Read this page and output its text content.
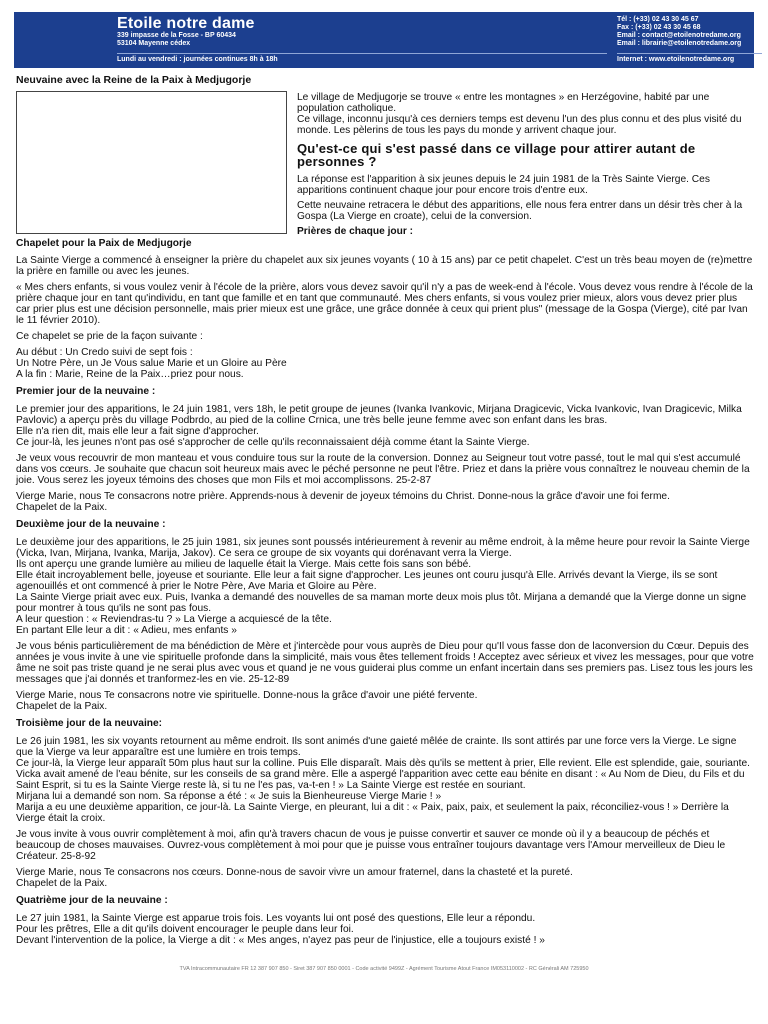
Etoile notre dame
339 impasse de la Fosse - BP 60434
53104 Mayenne cédex
Lundi au vendredi : journées continues 8h à 18h
Tél : (+33) 02 43 30 45 67
Fax : (+33) 02 43 30 45 68
Email : contact@etoilenotredame.org
Email : librairie@etoilenotredame.org
Internet : www.etoilenotredame.org
Neuvaine avec la Reine de la Paix à Medjugorje

Le village de Medjugorje se trouve « entre les montagnes » en Herzégovine, habité par une population catholique.

Ce village, inconnu jusqu'à ces derniers temps est devenu l'un des plus connu et des plus visité du monde. Les pèlerins de tous les pays du monde y arrivent chaque jour.

Qu'est-ce qui s'est passé dans ce village pour attirer autant de personnes ?

La réponse est l'apparition à six jeunes depuis le 24 juin 1981 de la Très Sainte Vierge. Ces apparitions continuent chaque jour pour encore trois d'entre eux.

Cette neuvaine retracera le début des apparitions, elle nous fera entrer dans un désir très cher à la Gospa (La Vierge en croate), celui de la conversion.

Prières de chaque jour :

Chapelet pour la Paix de Medjugorje

La Sainte Vierge a commencé à enseigner la prière du chapelet aux six jeunes voyants ( 10 à 15 ans) par ce petit chapelet. C'est un très beau moyen de (re)mettre la prière en famille ou avec les jeunes.

« Mes chers enfants, si vous voulez venir à l'école de la prière, alors vous devez savoir qu'il n'y a pas de week-end à l'école. Vous devez vous rendre à l'école de la prière chaque jour en tant qu'individu, en tant que famille et en tant que communauté. Mes chers enfants, si vous voulez prier mieux, alors vous devez prier plus car prier plus est une décision personnelle, mais prier mieux est une grâce, une grâce donnée à ceux qui prient plus" (message de la Gospa (Vierge), cité par Ivan le 11 février 2010).

Ce chapelet se prie de la façon suivante :

Au début : Un Credo suivi de sept fois :

Un Notre Père, un Je Vous salue Marie et un Gloire au Père

A la fin : Marie, Reine de la Paix…priez pour nous.

Premier jour de la neuvaine :

Le premier jour des apparitions, le 24 juin 1981, vers 18h, le petit groupe de jeunes (Ivanka Ivankovic, Mirjana Dragicevic, Vicka Ivankovic, Ivan Dragicevic, Milka Pavlovic) a aperçu près du village Podbrdo, au pied de la colline Crnica, une très belle jeune femme avec son enfant dans les bras.

Elle n'a rien dit, mais elle leur a fait signe d'approcher.

Ce jour-là, les jeunes n'ont pas osé s'approcher de celle qu'ils reconnaissaient déjà comme étant la Sainte Vierge.

Je veux vous recouvrir de mon manteau et vous conduire tous sur la route de la conversion. Donnez au Seigneur tout votre passé, tout le mal qui s'est accumulé dans vos cœurs. Je souhaite que chacun soit heureux mais avec le péché personne ne peut l'être. Priez et dans la prière vous connaîtrez le nouveau chemin de la joie. Vous serez les joyeux témoins des choses que mon Fils et moi accomplissons. 25-2-87

Vierge Marie, nous Te consacrons notre prière. Apprends-nous à devenir de joyeux témoins du Christ. Donne-nous la grâce d'avoir une foi ferme.

Chapelet de la Paix.

Deuxième jour de la neuvaine :

Le deuxième jour des apparitions, le 25 juin 1981, six jeunes sont poussés intérieurement à revenir au même endroit, à la même heure pour revoir la Sainte Vierge (Vicka, Ivan, Mirjana, Ivanka, Marija, Jakov). Ce sera ce groupe de six voyants qui dorénavant verra la Vierge.

Ils ont aperçu une grande lumière au milieu de laquelle était la Vierge. Mais cette fois sans son bébé.

Elle était incroyablement belle, joyeuse et souriante. Elle leur a fait signe d'approcher. Les jeunes ont couru jusqu'à Elle. Arrivés devant la Vierge, ils se sont agenouillés et ont commencé à prier le Notre Père, Ave Maria et Gloire au Père.

La Sainte Vierge priait avec eux. Puis, Ivanka a demandé des nouvelles de sa maman morte deux mois plus tôt. Mirjana a demandé que la Vierge donne un signe pour montrer à tous qu'ils ne sont pas fous.

A leur question : « Reviendras-tu ? » La Vierge a acquiescé de la tête.

En partant Elle leur a dit : « Adieu, mes enfants »

Je vous bénis particulièrement de ma bénédiction de Mère et j'intercède pour vous auprès de Dieu pour qu'Il vous fasse don de laconversion du Cœur. Depuis des années je vous invite à une vie spirituelle profonde dans la simplicité, mais vous êtes tellement froids ! Acceptez avec sérieux et vivez les messages, pour que votre âme ne soit pas triste quand je ne serai plus avec vous et quand je ne vous guiderai plus comme un enfant incertain dans ses premiers pas. Lisez tous les jours les messages que j'ai donnés et tranformez-les en vie. 25-12-89

Vierge Marie, nous Te consacrons notre vie spirituelle. Donne-nous la grâce d'avoir une piété fervente.

Chapelet de la Paix.

Troisième jour de la neuvaine:

Le 26 juin 1981, les six voyants retournent au même endroit. Ils sont animés d'une gaieté mêlée de crainte. Ils sont attirés par une force vers la Vierge. Le signe que la Vierge va leur apparaître est une lumière en trois temps.

Ce jour-là, la Vierge leur apparaît 50m plus haut sur la colline. Puis Elle disparaît. Mais dès qu'ils se mettent à prier, Elle revient. Elle est splendide, gaie, souriante.

Vicka avait amené de l'eau bénite, sur les conseils de sa grand mère. Elle a aspergé l'apparition avec cette eau bénite en disant : « Au Nom de Dieu, du Fils et du Saint Esprit, si tu es la Sainte Vierge reste là, si tu ne l'es pas, va-t-en ! » La Sainte Vierge est restée en souriant.

Mirjana lui a demandé son nom. Sa réponse a été : « Je suis la Bienheureuse Vierge Marie ! »

Marija a eu une deuxième apparition, ce jour-là. La Sainte Vierge, en pleurant, lui a dit : « Paix, paix, paix, et seulement la paix, réconciliez-vous ! » Derrière la Vierge était la croix.

Je vous invite à vous ouvrir complètement à moi, afin qu'à travers chacun de vous je puisse convertir et sauver ce monde où il y a beaucoup de péchés et beaucoup de choses mauvaises. Ouvrez-vous complètement à moi pour que je puisse vous entraîner toujours davantage vers l'Amour merveilleux de Dieu le Créateur. 25-8-92

Vierge Marie, nous Te consacrons nos cœurs. Donne-nous de savoir vivre un amour fraternel, dans la chasteté et la pureté.

Chapelet de la Paix.

Quatrième jour de la neuvaine :

Le 27 juin 1981, la Sainte Vierge est apparue trois fois. Les voyants lui ont posé des questions, Elle leur a répondu.

Pour les prêtres, Elle a dit qu'ils doivent encourager le peuple dans leur foi.

Devant l'intervention de la police, la Vierge a dit : « Mes anges, n'ayez pas peur de l'injustice, elle a toujours existé ! »

TVA Intracommunautaire FR 12 387 907 850 - Siret 387 907 850 0001 - Code activité 9499Z - Agrément Tourisme Atout France IM053110002 - RC Générali AM 725950
